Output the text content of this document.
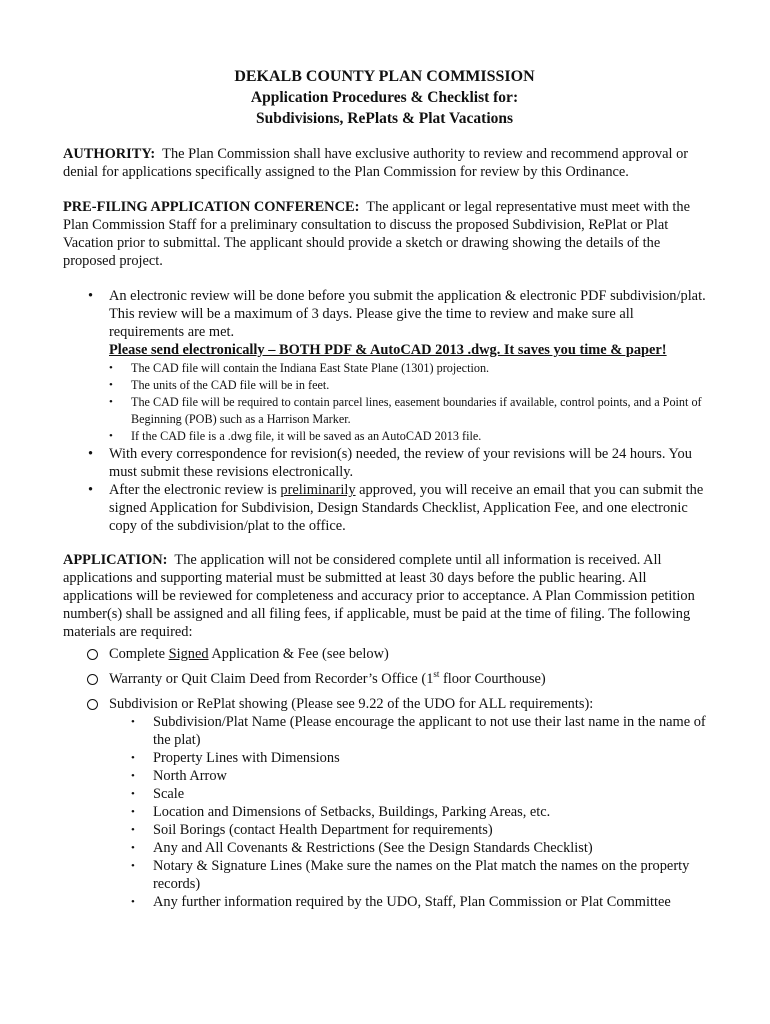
DEKALB COUNTY PLAN COMMISSION
Application Procedures & Checklist for:
Subdivisions, RePlats & Plat Vacations

AUTHORITY: The Plan Commission shall have exclusive authority to review and recommend approval or denial for applications specifically assigned to the Plan Commission for review by this Ordinance.

PRE-FILING APPLICATION CONFERENCE: The applicant or legal representative must meet with the Plan Commission Staff for a preliminary consultation to discuss the proposed Subdivision, RePlat or Plat Vacation prior to submittal. The applicant should provide a sketch or drawing showing the details of the proposed project.

• An electronic review will be done before you submit the application & electronic PDF subdivision/plat. This review will be a maximum of 3 days. Please give the time to review and make sure all requirements are met.
Please send electronically – BOTH PDF & AutoCAD 2013 .dwg. It saves you time & paper!
• The CAD file will contain the Indiana East State Plane (1301) projection.
• The units of the CAD file will be in feet.
• The CAD file will be required to contain parcel lines, easement boundaries if available, control points, and a Point of Beginning (POB) such as a Harrison Marker.
• If the CAD file is a .dwg file, it will be saved as an AutoCAD 2013 file.
• With every correspondence for revision(s) needed, the review of your revisions will be 24 hours. You must submit these revisions electronically.
• After the electronic review is preliminarily approved, you will receive an email that you can submit the signed Application for Subdivision, Design Standards Checklist, Application Fee, and one electronic copy of the subdivision/plat to the office.

APPLICATION: The application will not be considered complete until all information is received. All applications and supporting material must be submitted at least 30 days before the public hearing. All applications will be reviewed for completeness and accuracy prior to acceptance. A Plan Commission petition number(s) shall be assigned and all filing fees, if applicable, must be paid at the time of filing. The following materials are required:

Complete Signed Application & Fee (see below)
Warranty or Quit Claim Deed from Recorder’s Office (1st floor Courthouse)
Subdivision or RePlat showing (Please see 9.22 of the UDO for ALL requirements):
• Subdivision/Plat Name (Please encourage the applicant to not use their last name in the name of the plat)
• Property Lines with Dimensions
• North Arrow
• Scale
• Location and Dimensions of Setbacks, Buildings, Parking Areas, etc.
• Soil Borings (contact Health Department for requirements)
• Any and All Covenants & Restrictions (See the Design Standards Checklist)
• Notary & Signature Lines (Make sure the names on the Plat match the names on the property records)
• Any further information required by the UDO, Staff, Plan Commission or Plat Committee
